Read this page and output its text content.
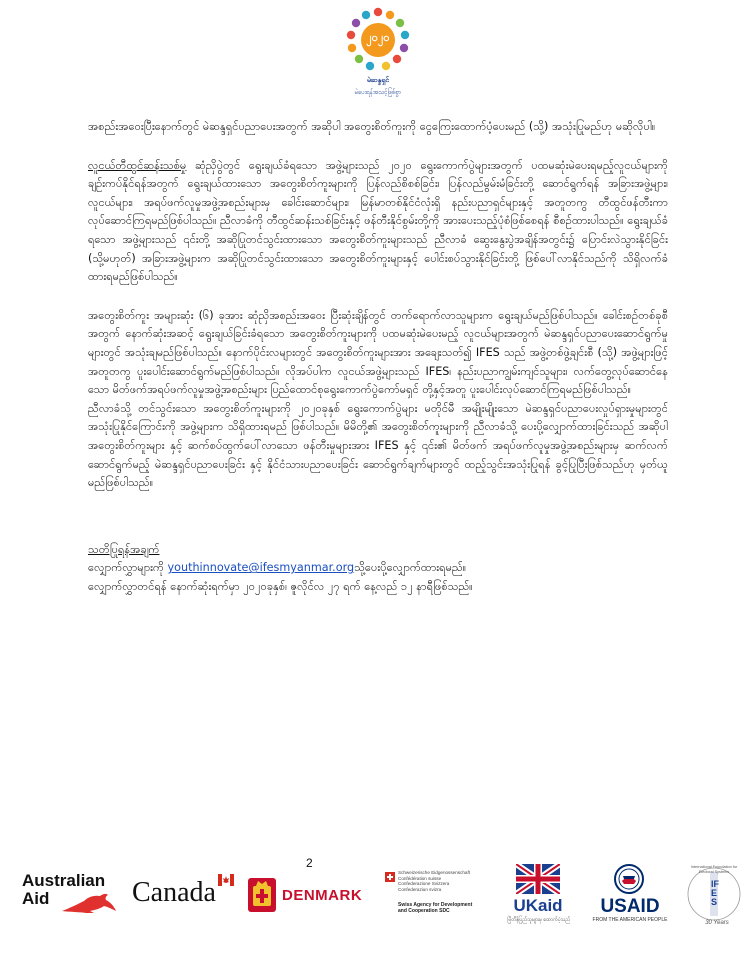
၂၀၂၀
မဲဆန္ဒရှင်
မဲပေးရန်အသင့်ဖြစ်စွာ

အစည်းအဝေးပြီးနောက်တွင် မဲဆန္ဒရှင်ပညာပေးအတွက် အဆိုပါ အတွေးစိတ်ကူးကို ငွေကြေးထောက်ပံ့ပေးမည် (သို့) အသုံးပြုမည်ဟု မဆိုလိုပါ။

လူငယ်တီထွင်ဆန်းသစ်မှု ဆုံညှိပွဲတွင် ရွေးချယ်ခံရသော အဖွဲ့များသည် ၂၀၂၀ ရွေးကောက်ပွဲများအတွက် ပထမဆုံးမဲပေးရမည့်လူငယ်များကို ချဉ်းကပ်နိုင်ရန်အတွက် ရွေးချယ်ထားသော အတွေးစိတ်ကူးများကို ပြန်လည်စိစစ်ခြင်း၊ ပြန်လည်မွမ်းမံခြင်းတို့ ဆောင်ရွက်ရန် အခြားအဖွဲ့များ၊ လူငယ်များ၊ အရပ်ဖက်လူမှုအဖွဲ့အစည်းများမှ ခေါင်းဆောင်များ၊ မြန်မာတစ်နိုင်ငံလုံးရှိ နည်းပညာရှင်များနှင့် အတူတကွ တီထွင်ဖန်တီးကာ လုပ်ဆောင်ကြရမည်ဖြစ်ပါသည်။ ညီလာခံကို တီထွင်ဆန်းသစ်ခြင်းနှင့် ဖန်တီးနိုင်စွမ်းတို့ကို အားပေးသည့်ပုံစံဖြစ်စေရန် စီစဉ်ထားပါသည်။ ရွေးချယ်ခံရသော အဖွဲ့များသည် ၎င်းတို့ အဆိုပြုတင်သွင်းထားသော အတွေးစိတ်ကူးများသည် ညီလာခံ ဆွေးနွေးပွဲအချိန်အတွင်း၌ ပြောင်းလဲသွားနိုင်ခြင်း (သို့မဟုတ်) အခြားအဖွဲ့များက အဆိုပြုတင်သွင်းထားသော အတွေးစိတ်ကူးများနှင့် ပေါင်းစပ်သွားနိုင်ခြင်းတို့ ဖြစ်ပေါ်လာနိုင်သည်ကို သိရှိလက်ခံထားရမည်ဖြစ်ပါသည်။

အတွေးစိတ်ကူး အများဆုံး (၆) ခုအား ဆုံညှိအစည်းအဝေး ပြီးဆုံးချိန်တွင် တက်ရောက်လာသူများက ရွေးချယ်မည်ဖြစ်ပါသည်။ ခေါင်းစဉ်တစ်ခုစီအတွက် နောက်ဆုံးအဆင့် ရွေးချယ်ခြင်းခံရသော အတွေးစိတ်ကူးများကို ပထမဆုံးမဲပေးမည့် လူငယ်များအတွက် မဲဆန္ဒရှင်ပညာပေးဆောင်ရွက်မှုများတွင် အသုံးချမည်ဖြစ်ပါသည်။ နောက်ပိုင်းလများတွင် အတွေးစိတ်ကူးများအား အချေးသတ်၍ IFES သည် အဖွဲ့တစ်ဖွဲ့ချင်းစီ (သို့) အဖွဲ့များဖြင့် အတူတကွ ပူးပေါင်းဆောင်ရွက်မည်ဖြစ်ပါသည်။ လိုအပ်ပါက လူငယ်အဖွဲ့များသည် IFES၊ နည်းပညာကျွမ်းကျင်သူများ၊ လက်တွေ့လုပ်ဆောင်နေသော မိတ်ဖက်အရပ်ဖက်လူမှုအဖွဲ့အစည်းများ ပြည်ထောင်စုရွေးကောက်ပွဲကော်မရှင် တို့နှင့်အတူ ပူးပေါင်းလုပ်ဆောင်ကြရမည်ဖြစ်ပါသည်။

ညီလာခံသို့ တင်သွင်းသော အတွေးစိတ်ကူးများကို ၂၀၂၀ခုနှစ် ရွေးကောက်ပွဲများ မတိုင်မီ အမျိုးမျိုးသော မဲဆန္ဒရှင်ပညာပေးလှုပ်ရှားမှုများတွင် အသုံးပြုနိုင်ကြောင်းကို အဖွဲ့များက သိရှိထားရမည် ဖြစ်ပါသည်။ မိမိတို့၏ အတွေးစိတ်ကူးများကို ညီလာခံသို့ ပေးပို့လျှောက်ထားခြင်းသည် အဆိုပါ အတွေးစိတ်ကူးများ နှင့် ဆက်စပ်ထွက်ပေါ်လာသော ဖန်တီးမှုများအား IFES နှင့် ၎င်း၏ မိတ်ဖက် အရပ်ဖက်လူမှုအဖွဲ့အစည်းများမှ ဆက်လက်ဆောင်ရွက်မည့် မဲဆန္ဒရှင်ပညာပေးခြင်း နှင့် နိုင်ငံသားပညာပေးခြင်း ဆောင်ရွက်ချက်များတွင် ထည့်သွင်းအသုံးပြုရန် ခွင့်ပြုပြီးဖြစ်သည်ဟု မှတ်ယူမည်ဖြစ်ပါသည်။

သတိပြုရန်အချက်

လျှောက်လွှာများကို youthinnovate@ifesmyanmar.orgသို့ပေးပို့လျှောက်ထားရမည်။

လျှောက်လွှာတင်ရန် နောက်ဆုံးရက်မှာ ၂၀၂၀ခုနှစ်၊ ဇူလိုင်လ ၂၇ ရက် နေ့လည် ၁၂ နာရီဖြစ်သည်။

2
Australian
Aid	Canada	DENMARK
Schweizerische Eidgenossenschaft
Confédération suisse
Confederazione Svizzera
Confederaziun svizra
Swiss Agency for Development
and Cooperation SDC	UKaid
ဗြိတိန်ပြည်သူများမှ ထောက်ပံ့သည်
USAID
FROM THE AMERICAN PEOPLE
International Foundation for Electoral Systems
IFES
30 Years
